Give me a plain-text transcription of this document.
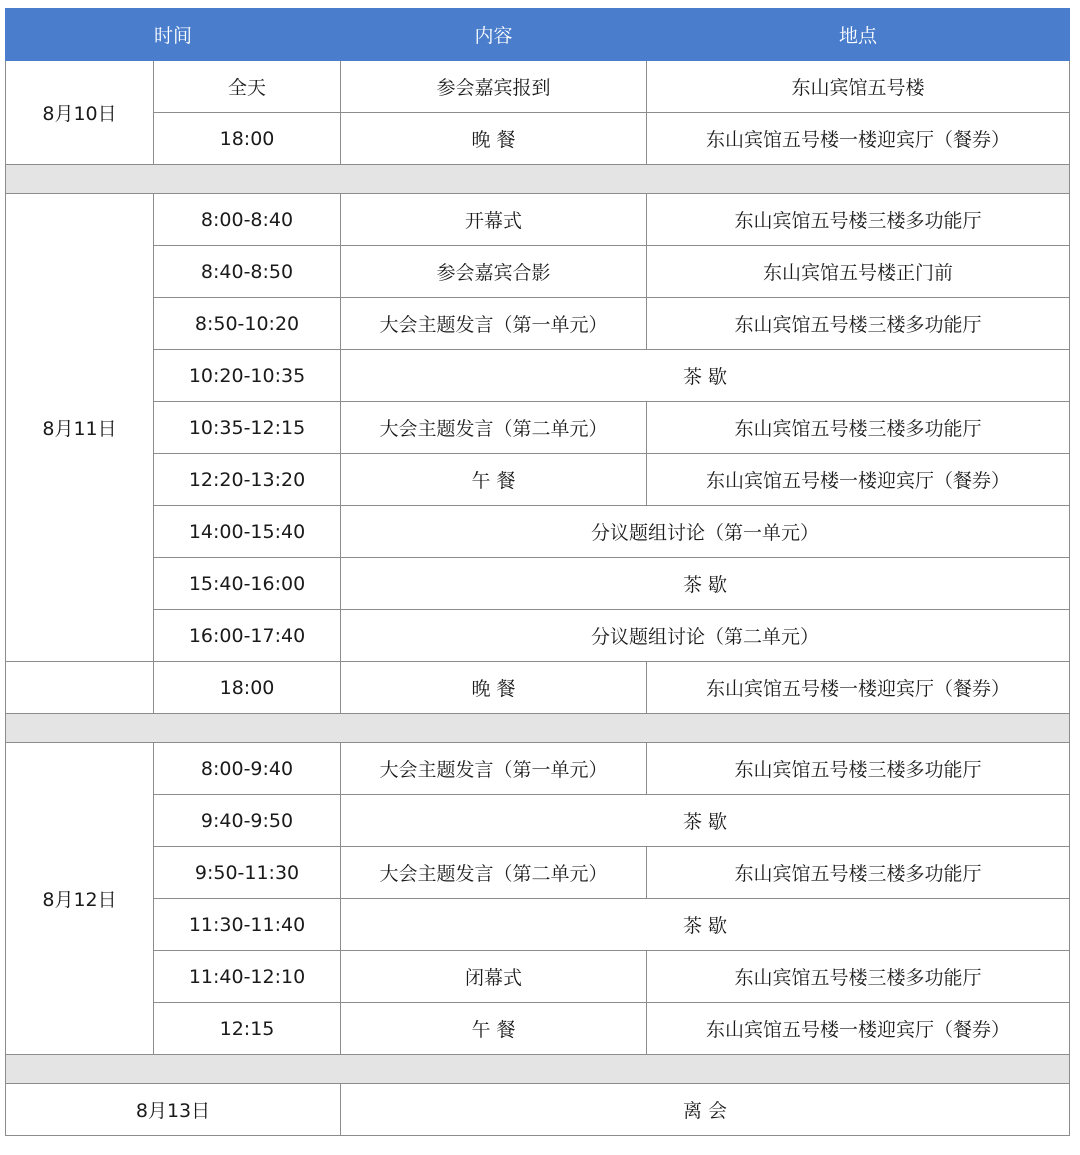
时间		内容	地点
8月10日	全天	参会嘉宾报到	东山宾馆五号楼
	18:00	晚 餐	东山宾馆五号楼一楼迎宾厅（餐券）

8月11日	8:00-8:40	开幕式	东山宾馆五号楼三楼多功能厅
	8:40-8:50	参会嘉宾合影	东山宾馆五号楼正门前
	8:50-10:20	大会主题发言（第一单元）	东山宾馆五号楼三楼多功能厅
	10:20-10:35	茶 歇	
	10:35-12:15	大会主题发言（第二单元）	东山宾馆五号楼三楼多功能厅
	12:20-13:20	午 餐	东山宾馆五号楼一楼迎宾厅（餐券）
	14:00-15:40	分议题组讨论（第一单元）	
	15:40-16:00	茶 歇	
	16:00-17:40	分议题组讨论（第二单元）	
	18:00	晚 餐	东山宾馆五号楼一楼迎宾厅（餐券）

8月12日	8:00-9:40	大会主题发言（第一单元）	东山宾馆五号楼三楼多功能厅
	9:40-9:50	茶 歇	
	9:50-11:30	大会主题发言（第二单元）	东山宾馆五号楼三楼多功能厅
	11:30-11:40	茶 歇	
	11:40-12:10	闭幕式	东山宾馆五号楼三楼多功能厅
	12:15	午 餐	东山宾馆五号楼一楼迎宾厅（餐券）

8月13日		离 会	
